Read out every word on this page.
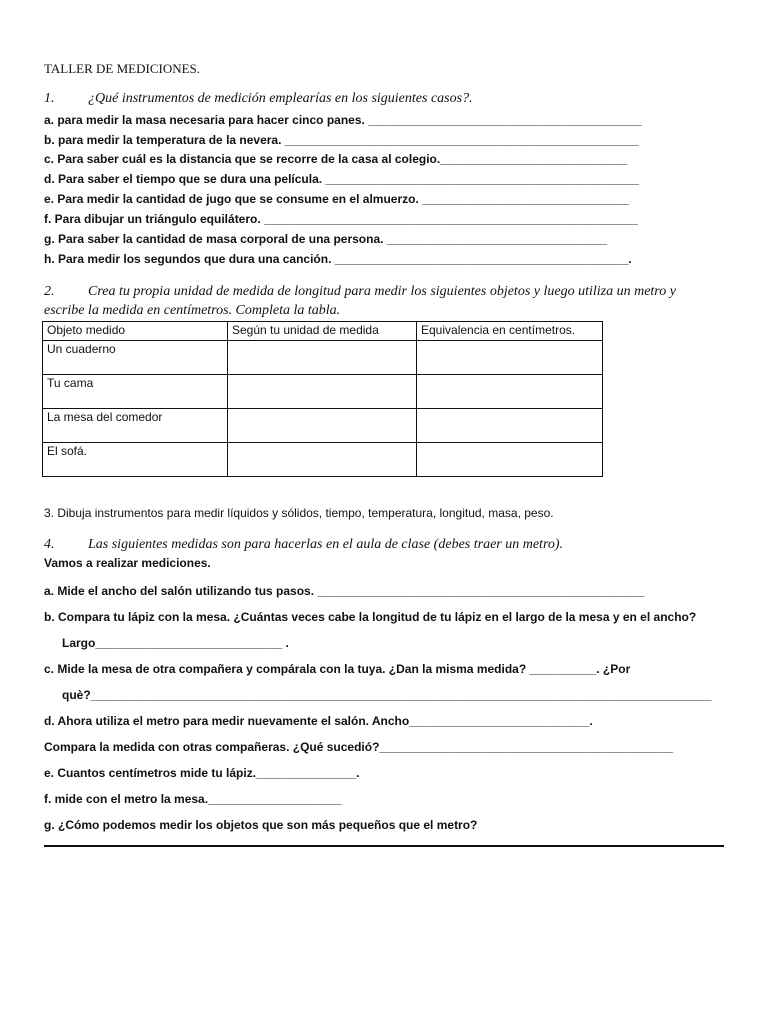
TALLER DE MEDICIONES.
1. ¿Qué instrumentos de medición emplearías en los siguientes casos?.
a. para medir la masa necesaria para hacer cinco panes. _________________________________________
b. para medir la temperatura de la nevera. _____________________________________________________
c. Para saber cuál es la distancia que se recorre de la casa al colegio.____________________________
d. Para saber el tiempo que se dura una película. _______________________________________________
e. Para medir la cantidad de jugo que se consume en el almuerzo. _______________________________
f. Para dibujar un triángulo equilátero. ________________________________________________________
g. Para saber la cantidad de masa corporal de una persona. _________________________________
h. Para medir los segundos que dura una canción. ____________________________________________.
2. Crea tu propia unidad de medida de longitud para medir los siguientes objetos y luego utiliza un metro y
escribe la medida en centímetros. Completa la tabla.
Objeto medido	Según tu unidad de medida	Equivalencia en centímetros.
Un cuaderno		
Tu cama		
La mesa del comedor		
El sofá.		
3. Dibuja instrumentos para medir líquidos y sólidos, tiempo, temperatura, longitud, masa, peso.
4. Las siguientes medidas son para hacerlas en el aula de clase (debes traer un metro).
Vamos a realizar mediciones.
a. Mide el ancho del salón utilizando tus pasos. _________________________________________________
b. Compara tu lápiz con la mesa. ¿Cuántas veces cabe la longitud de tu lápiz en el largo de la mesa y en el ancho?
Largo____________________________ .
c. Mide la mesa de otra compañera y compárala con la tuya. ¿Dan la misma medida? __________. ¿Por
què?_____________________________________________________________________________________________
d. Ahora utiliza el metro para medir nuevamente el salón. Ancho___________________________.
Compara la medida con otras compañeras. ¿Qué sucedió?____________________________________________
e. Cuantos centímetros mide tu lápiz._______________.
f. mide con el metro la mesa.____________________
g. ¿Cómo podemos medir los objetos que son más pequeños que el metro?
